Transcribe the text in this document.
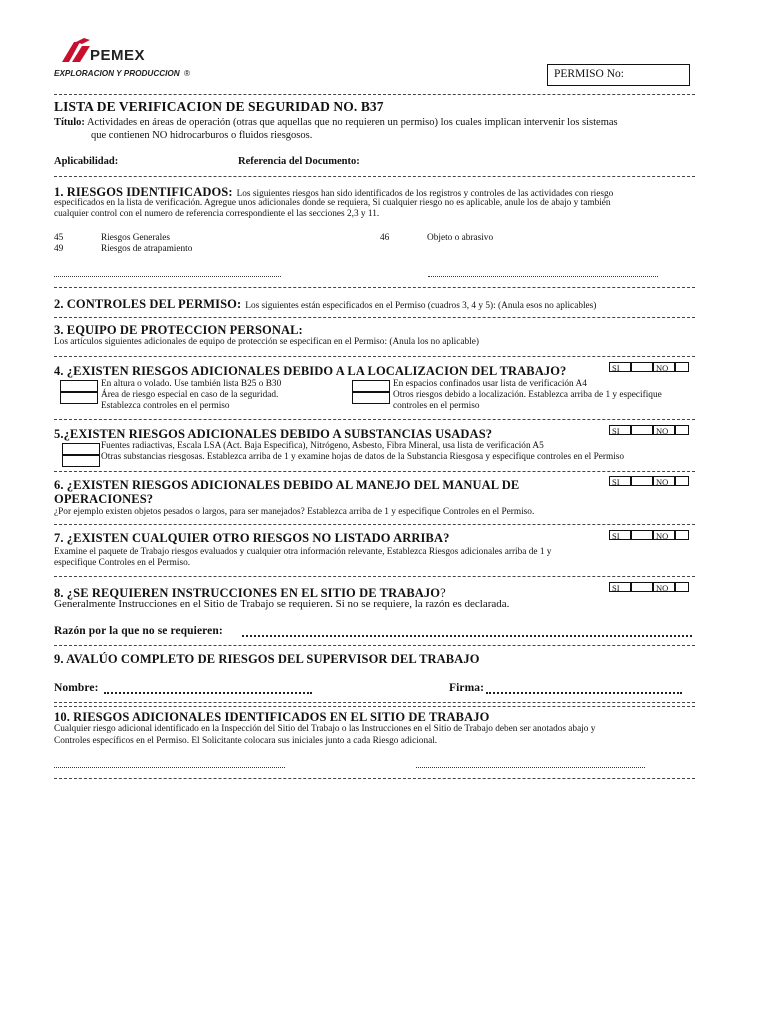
PEMEX
EXPLORACION Y PRODUCCION ®	PERMISO No:
LISTA DE VERIFICACION DE SEGURIDAD NO. B37
Título: Actividades en áreas de operación (otras que aquellas que no requieren un permiso) los cuales implican intervenir los sistemas
que contienen NO hidrocarburos o fluidos riesgosos.
Aplicabilidad:	Referencia del Documento:
1. RIESGOS IDENTIFICADOS: Los siguientes riesgos han sido identificados de los registros y controles de las actividades con riesgo
especificados en la lista de verificación. Agregue unos adicionales donde se requiera, Si cualquier riesgo no es aplicable, anule los de abajo y también
cualquier control con el numero de referencia correspondiente el las secciones 2,3 y 11.
45	Riesgos Generales	46	Objeto o abrasivo
49	Riesgos de atrapamiento
2. CONTROLES DEL PERMISO: Los siguientes están especificados en el Permiso (cuadros 3, 4 y 5): (Anula esos no aplicables)
3. EQUIPO DE PROTECCION PERSONAL:
Los artículos siguientes adicionales de equipo de protección se especifican en el Permiso: (Anula los no aplicable)
4. ¿EXISTEN RIESGOS ADICIONALES DEBIDO A LA LOCALIZACION DEL TRABAJO?	SI	NO
En altura o volado. Use también lista B25 o B30
Área de riesgo especial en caso de la seguridad.
Establezca controles en el permiso
En espacios confinados usar lista de verificación A4
Otros riesgos debido a localización. Establezca arriba de 1 y especifique
controles en el permiso
5.¿EXISTEN RIESGOS ADICIONALES DEBIDO A SUBSTANCIAS USADAS?	SI	NO
Fuentes radiactivas, Escala LSA (Act. Baja Especifica), Nitrógeno, Asbesto, Fibra Mineral, usa lista de verificación A5
Otras substancias riesgosas. Establezca arriba de 1 y examine hojas de datos de la Substancia Riesgosa y especifique controles en el Permiso
6. ¿EXISTEN RIESGOS ADICIONALES DEBIDO AL MANEJO DEL MANUAL DE
OPERACIONES?
SI	NO
¿Por ejemplo existen objetos pesados o largos, para ser manejados? Establezca arriba de 1 y especifique Controles en el Permiso.
7. ¿EXISTEN CUALQUIER OTRO RIESGOS NO LISTADO ARRIBA?	SI	NO
Examine el paquete de Trabajo riesgos evaluados y cualquier otra información relevante, Establezca Riesgos adicionales arriba de 1 y
especifique Controles en el Permiso.
8. ¿SE REQUIEREN INSTRUCCIONES EN EL SITIO DE TRABAJO?	SI	NO
Generalmente Instrucciones en el Sitio de Trabajo se requieren. Si no se requiere, la razón es declarada.
Razón por la que no se requieren:
9. AVALÚO COMPLETO DE RIESGOS DEL SUPERVISOR DEL TRABAJO
Nombre:	Firma:
10. RIESGOS ADICIONALES IDENTIFICADOS EN EL SITIO DE TRABAJO
Cualquier riesgo adicional identificado en la Inspección del Sitio del Trabajo o las Instrucciones en el Sitio de Trabajo deben ser anotados abajo y
Controles específicos en el Permiso. El Solicitante colocara sus iniciales junto a cada Riesgo adicional.
